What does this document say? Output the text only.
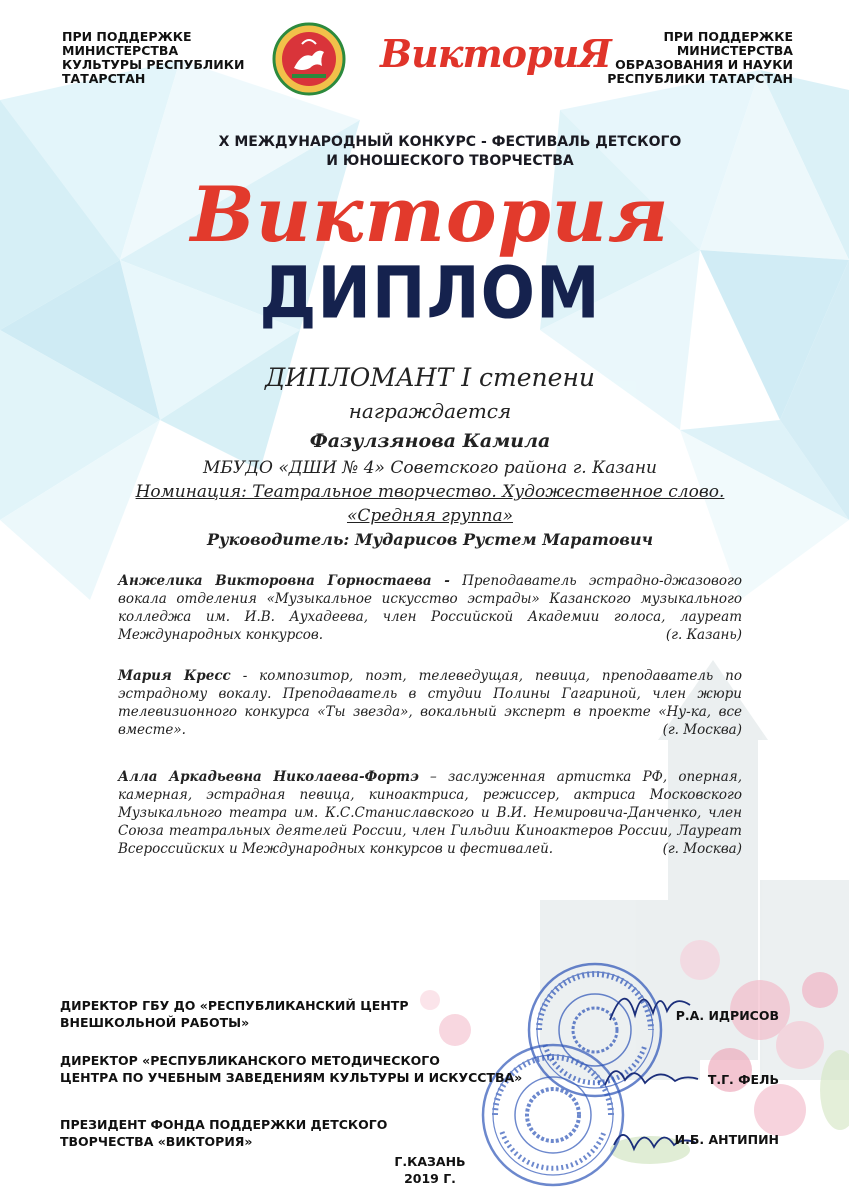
ПРИ ПОДДЕРЖКЕ
МИНИСТЕРСТВА
КУЛЬТУРЫ РЕСПУБЛИКИ
ТАТАРСТАН
ВикториЯ	ПРИ ПОДДЕРЖКЕ
МИНИСТЕРСТВА
ОБРАЗОВАНИЯ И НАУКИ
РЕСПУБЛИКИ ТАТАРСТАН
X МЕЖДУНАРОДНЫЙ КОНКУРС - ФЕСТИВАЛЬ ДЕТСКОГО
И ЮНОШЕСКОГО ТВОРЧЕСТВА
Виктория
ДИПЛОМ
ДИПЛОМАНТ I степени
награждается
Фазулзянова Камила
МБУДО «ДШИ № 4» Советского района г. Казани
Номинация: Театральное творчество. Художественное слово.
«Средняя группа»
Руководитель: Мударисов Рустем Маратович
Анжелика Викторовна Горностаева - Преподаватель эстрадно-джазового вокала отделения «Музыкальное искусство эстрады» Казанского музыкального колледжа им. И.В. Аухадеева, член Российской Академии голоса, лауреат Международных конкурсов.	(г. Казань)
Мария Кресс - композитор, поэт, телеведущая, певица, преподаватель по эстрадному вокалу. Преподаватель в студии Полины Гагариной, член жюри телевизионного конкурса «Ты звезда», вокальный эксперт в проекте «Ну-ка, все вместе».	(г. Москва)
Алла Аркадьевна Николаева-Фортэ – заслуженная артистка РФ, оперная, камерная, эстрадная певица, киноактриса, режиссер, актриса Московского Музыкального театра им. К.С.Станиславского и В.И. Немировича-Данченко, член Союза театральных деятелей России, член Гильдии Киноактеров России, Лауреат Всероссийских и Международных конкурсов и фестивалей.	(г. Москва)
ДИРЕКТОР ГБУ ДО «РЕСПУБЛИКАНСКИЙ ЦЕНТР
ВНЕШКОЛЬНОЙ РАБОТЫ»	Р.А. ИДРИСОВ
ДИРЕКТОР «РЕСПУБЛИКАНСКОГО МЕТОДИЧЕСКОГО
ЦЕНТРА ПО УЧЕБНЫМ ЗАВЕДЕНИЯМ КУЛЬТУРЫ И ИСКУССТВА»	Т.Г. ФЕЛЬ
ПРЕЗИДЕНТ ФОНДА ПОДДЕРЖКИ ДЕТСКОГО
ТВОРЧЕСТВА «ВИКТОРИЯ»	И.Б. АНТИПИН
Г.КАЗАНЬ
2019 Г.
